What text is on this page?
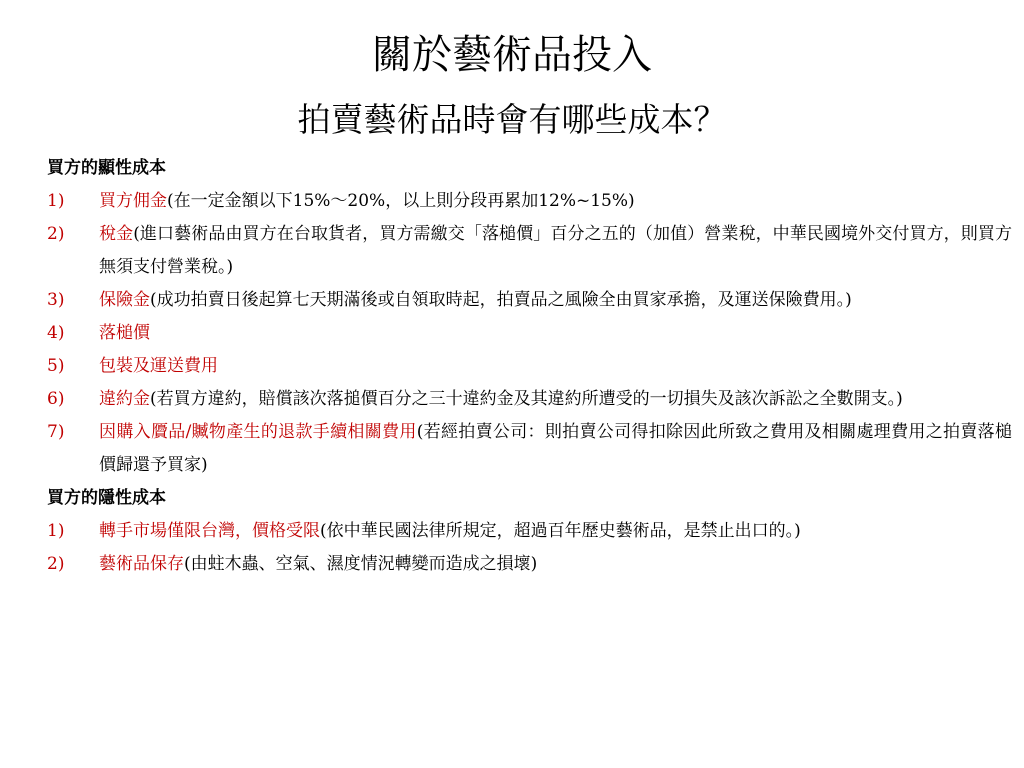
關於藝術品投入
拍賣藝術品時會有哪些成本？
買方的顯性成本
1)	買方佣金(在一定金額以下15%～20%，以上則分段再累加12%~15%)
2)	稅金(進口藝術品由買方在台取貨者，買方需繳交「落槌價」百分之五的（加值）營業稅，中華民國境外交付買方，則買方無須支付營業稅。)
3)	保險金(成功拍賣日後起算七天期滿後或自領取時起，拍賣品之風險全由買家承擔，及運送保險費用。)
4)	落槌價
5)	包裝及運送費用
6)	違約金(若買方違約，賠償該次落搥價百分之三十違約金及其違約所遭受的一切損失及該次訴訟之全數開支。)
7)	因購入贗品/贓物產生的退款手續相關費用(若經拍賣公司：則拍賣公司得扣除因此所致之費用及相關處理費用之拍賣落槌價歸還予買家)
買方的隱性成本
1)	轉手市場僅限台灣，價格受限(依中華民國法律所規定，超過百年歷史藝術品，是禁止出口的。)
2)	藝術品保存(由蛀木蟲、空氣、濕度情況轉變而造成之損壞)
